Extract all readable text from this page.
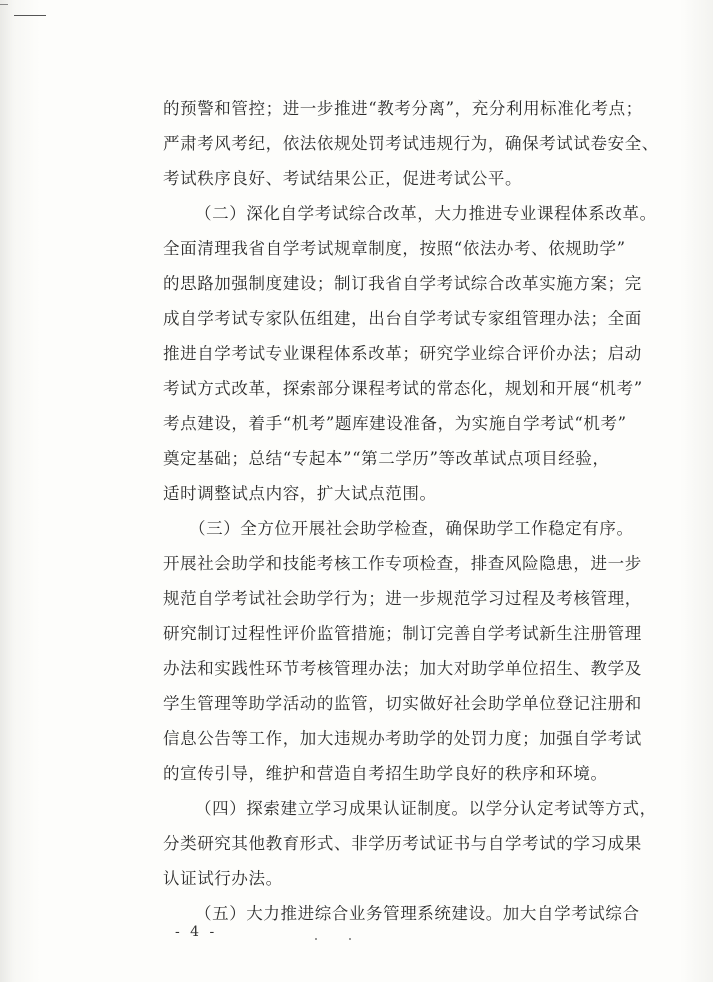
的预警和管控；进一步推进“教考分离”，充分利用标准化考点；
严肃考风考纪，依法依规处罚考试违规行为，确保考试试卷安全、
考试秩序良好、考试结果公正，促进考试公平。
（二）深化自学考试综合改革，大力推进专业课程体系改革。
全面清理我省自学考试规章制度，按照“依法办考、依规助学”
的思路加强制度建设；制订我省自学考试综合改革实施方案；完
成自学考试专家队伍组建，出台自学考试专家组管理办法；全面
推进自学考试专业课程体系改革；研究学业综合评价办法；启动
考试方式改革，探索部分课程考试的常态化，规划和开展“机考”
考点建设，着手“机考”题库建设准备，为实施自学考试“机考”
奠定基础；总结“专起本”“第二学历”等改革试点项目经验，
适时调整试点内容，扩大试点范围。
（三）全方位开展社会助学检查，确保助学工作稳定有序。
开展社会助学和技能考核工作专项检查，排查风险隐患，进一步
规范自学考试社会助学行为；进一步规范学习过程及考核管理，
研究制订过程性评价监管措施；制订完善自学考试新生注册管理
办法和实践性环节考核管理办法；加大对助学单位招生、教学及
学生管理等助学活动的监管，切实做好社会助学单位登记注册和
信息公告等工作，加大违规办考助学的处罚力度；加强自学考试
的宣传引导，维护和营造自考招生助学良好的秩序和环境。
（四）探索建立学习成果认证制度。以学分认定考试等方式，
分类研究其他教育形式、非学历考试证书与自学考试的学习成果
认证试行办法。
（五）大力推进综合业务管理系统建设。加大自学考试综合
- 4 -
